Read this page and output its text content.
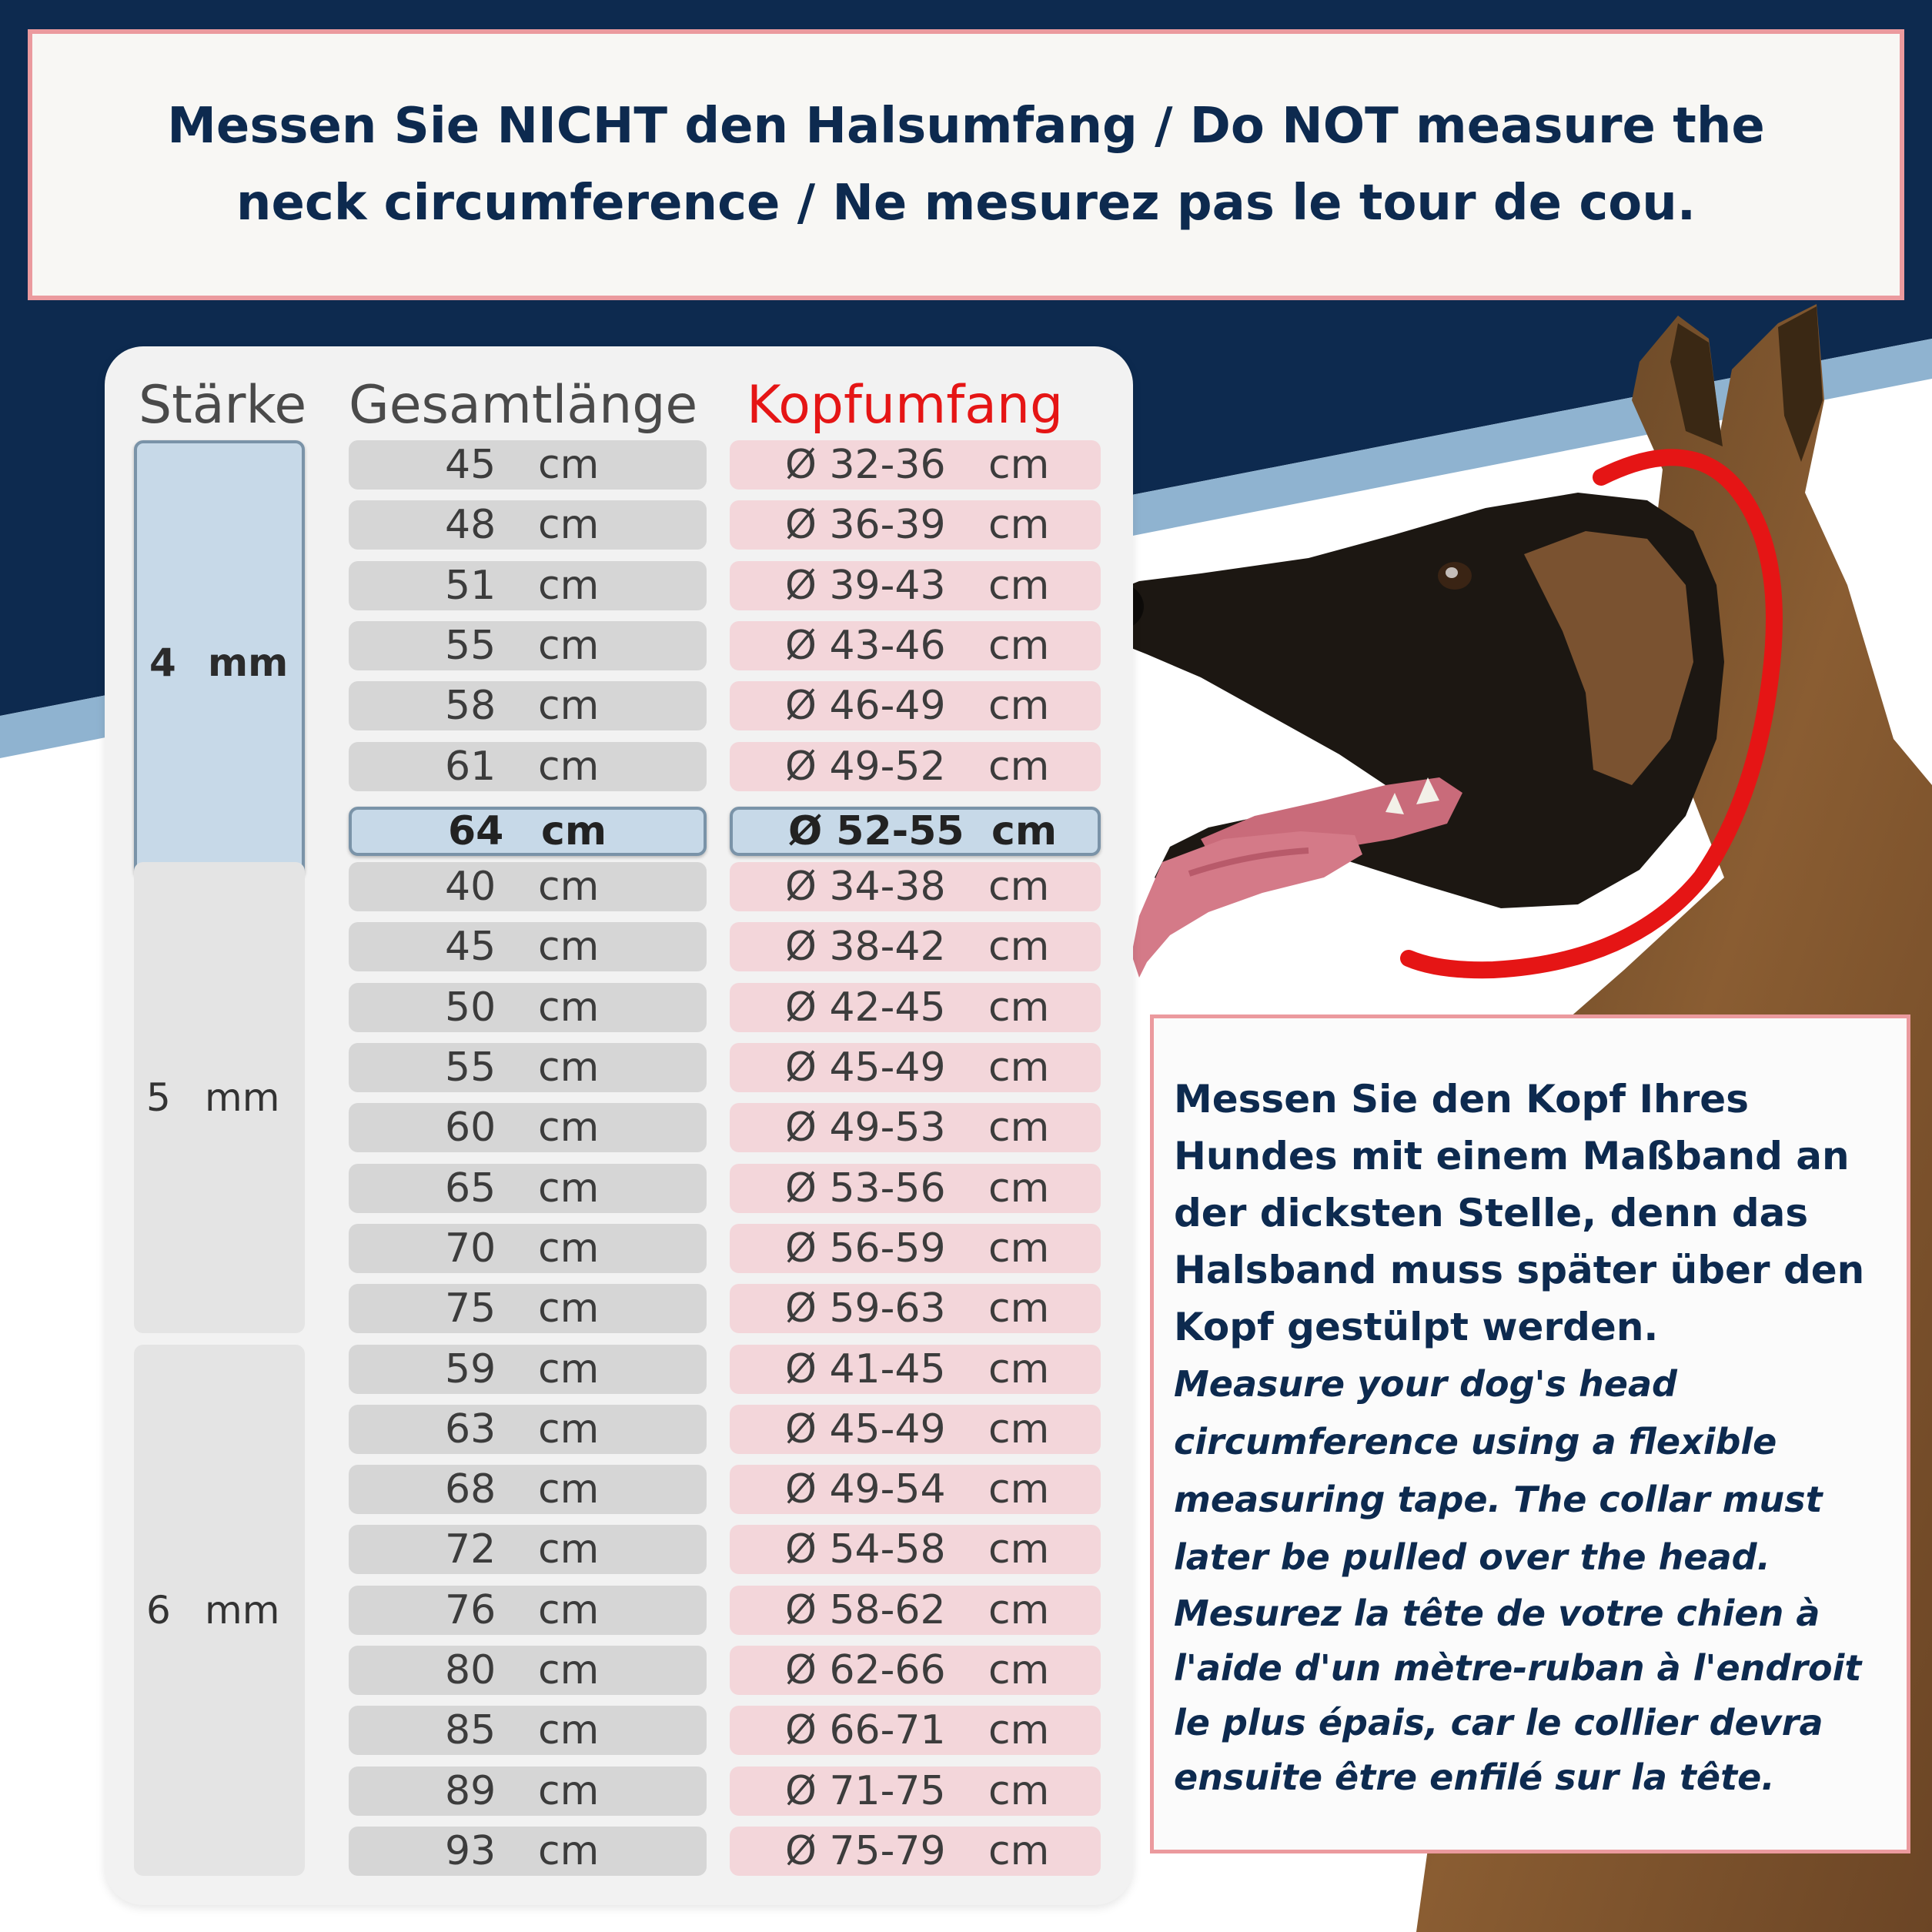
Messen Sie NICHT den Halsumfang / Do NOT measure the neck circumference / Ne mesurez pas le tour de cou.
Stärke Gesamtlänge Kopfumfang
4 mm
45 cm	Ø 32-36 cm
48 cm	Ø 36-39 cm
51 cm	Ø 39-43 cm
55 cm	Ø 43-46 cm
58 cm	Ø 46-49 cm
61 cm	Ø 49-52 cm
64 cm	Ø 52-55 cm
5 mm
40 cm	Ø 34-38 cm
45 cm	Ø 38-42 cm
50 cm	Ø 42-45 cm
55 cm	Ø 45-49 cm
60 cm	Ø 49-53 cm
65 cm	Ø 53-56 cm
70 cm	Ø 56-59 cm
75 cm	Ø 59-63 cm
6 mm
59 cm	Ø 41-45 cm
63 cm	Ø 45-49 cm
68 cm	Ø 49-54 cm
72 cm	Ø 54-58 cm
76 cm	Ø 58-62 cm
80 cm	Ø 62-66 cm
85 cm	Ø 66-71 cm
89 cm	Ø 71-75 cm
93 cm	Ø 75-79 cm

Messen Sie den Kopf Ihres Hundes mit einem Maßband an der dicksten Stelle, denn das Halsband muss später über den Kopf gestülpt werden.

Measure your dog's head circumference using a flexible measuring tape. The collar must later be pulled over the head.

Mesurez la tête de votre chien à l'aide d'un mètre-ruban à l'endroit le plus épais, car le collier devra ensuite être enfilé sur la tête.
